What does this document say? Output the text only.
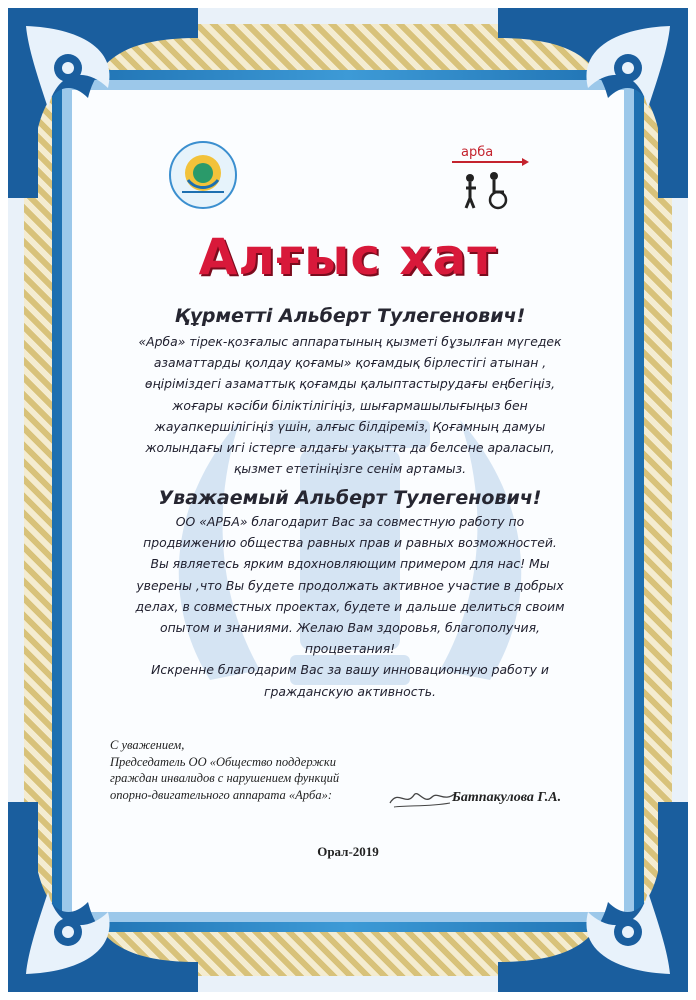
арба
Алғыс хат
Құрметті Альберт Тулегенович!
«Арба» тірек-қозғалыс аппаратының қызметі бұзылған мүгедек
азаматтарды қолдау қоғамы» қоғамдық бірлестігі атынан ,
өңіріміздегі азаматтық қоғамды қалыптастырудағы еңбегіңіз,
жоғары кәсіби біліктілігіңіз, шығармашылығыңыз бен
жауапкершілігіңіз үшін, алғыс білдіреміз, Қоғамның дамуы
жолындағы игі істерге алдағы уақытта да белсене араласып,
қызмет ететініңізге сенім артамыз.
Уважаемый Альберт Тулегенович!
ОО «АРБА» благодарит Вас за совместную работу по
продвижению общества равных прав и равных возможностей.
Вы являетесь ярким вдохновляющим примером для нас! Мы
уверены ,что Вы будете продолжать активное участие в добрых
делах, в совместных проектах, будете и дальше делиться своим
опытом и знаниями. Желаю Вам здоровья, благополучия,
процветания!
Искренне благодарим Вас за вашу инновационную работу и
гражданскую активность.
С уважением,
Председатель ОО «Общество поддержки
граждан инвалидов с нарушением функций
опорно-двигательного аппарата «Арба»:	Батпакулова Г.А.
Орал-2019
